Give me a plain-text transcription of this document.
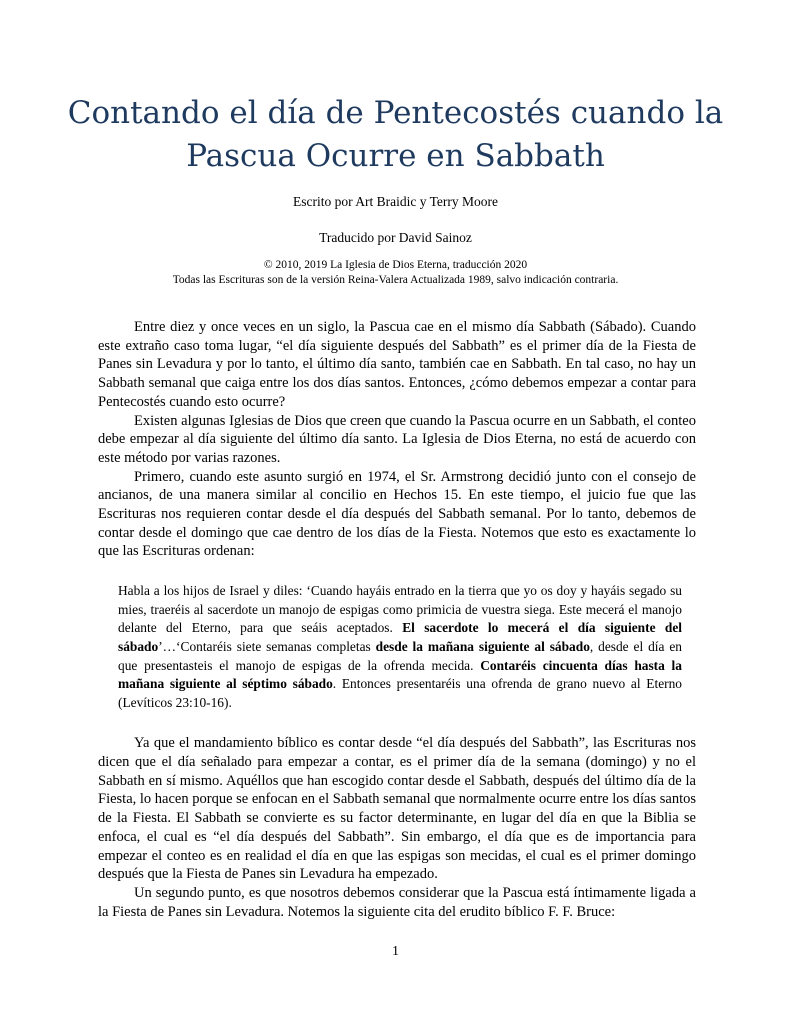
Contando el día de Pentecostés cuando la
Pascua Ocurre en Sabbath

Escrito por Art Braidic y Terry Moore

Traducido por David Sainoz

© 2010, 2019 La Iglesia de Dios Eterna, traducción 2020

Todas las Escrituras son de la versión Reina-Valera Actualizada 1989, salvo indicación contraria.

Entre diez y once veces en un siglo, la Pascua cae en el mismo día Sabbath (Sábado). Cuando este extraño caso toma lugar, “el día siguiente después del Sabbath” es el primer día de la Fiesta de Panes sin Levadura y por lo tanto, el último día santo, también cae en Sabbath. En tal caso, no hay un Sabbath semanal que caiga entre los dos días santos. Entonces, ¿cómo debemos empezar a contar para Pentecostés cuando esto ocurre?

Existen algunas Iglesias de Dios que creen que cuando la Pascua ocurre en un Sabbath, el conteo debe empezar al día siguiente del último día santo. La Iglesia de Dios Eterna, no está de acuerdo con este método por varias razones.

Primero, cuando este asunto surgió en 1974, el Sr. Armstrong decidió junto con el consejo de ancianos, de una manera similar al concilio en Hechos 15. En este tiempo, el juicio fue que las Escrituras nos requieren contar desde el día después del Sabbath semanal. Por lo tanto, debemos de contar desde el domingo que cae dentro de los días de la Fiesta. Notemos que esto es exactamente lo que las Escrituras ordenan:

Habla a los hijos de Israel y diles: ‘Cuando hayáis entrado en la tierra que yo os doy y hayáis segado su mies, traeréis al sacerdote un manojo de espigas como primicia de vuestra siega. Este mecerá el manojo delante del Eterno, para que seáis aceptados. El sacerdote lo mecerá el día siguiente del sábado’…‘Contaréis siete semanas completas desde la mañana siguiente al sábado, desde el día en que presentasteis el manojo de espigas de la ofrenda mecida. Contaréis cincuenta días hasta la mañana siguiente al séptimo sábado. Entonces presentaréis una ofrenda de grano nuevo al Eterno (Levíticos 23:10-16).

Ya que el mandamiento bíblico es contar desde “el día después del Sabbath”, las Escrituras nos dicen que el día señalado para empezar a contar, es el primer día de la semana (domingo) y no el Sabbath en sí mismo. Aquéllos que han escogido contar desde el Sabbath, después del último día de la Fiesta, lo hacen porque se enfocan en el Sabbath semanal que normalmente ocurre entre los días santos de la Fiesta. El Sabbath se convierte es su factor determinante, en lugar del día en que la Biblia se enfoca, el cual es “el día después del Sabbath”. Sin embargo, el día que es de importancia para empezar el conteo es en realidad el día en que las espigas son mecidas, el cual es el primer domingo después que la Fiesta de Panes sin Levadura ha empezado.

Un segundo punto, es que nosotros debemos considerar que la Pascua está íntimamente ligada a la Fiesta de Panes sin Levadura. Notemos la siguiente cita del erudito bíblico F. F. Bruce:

1
